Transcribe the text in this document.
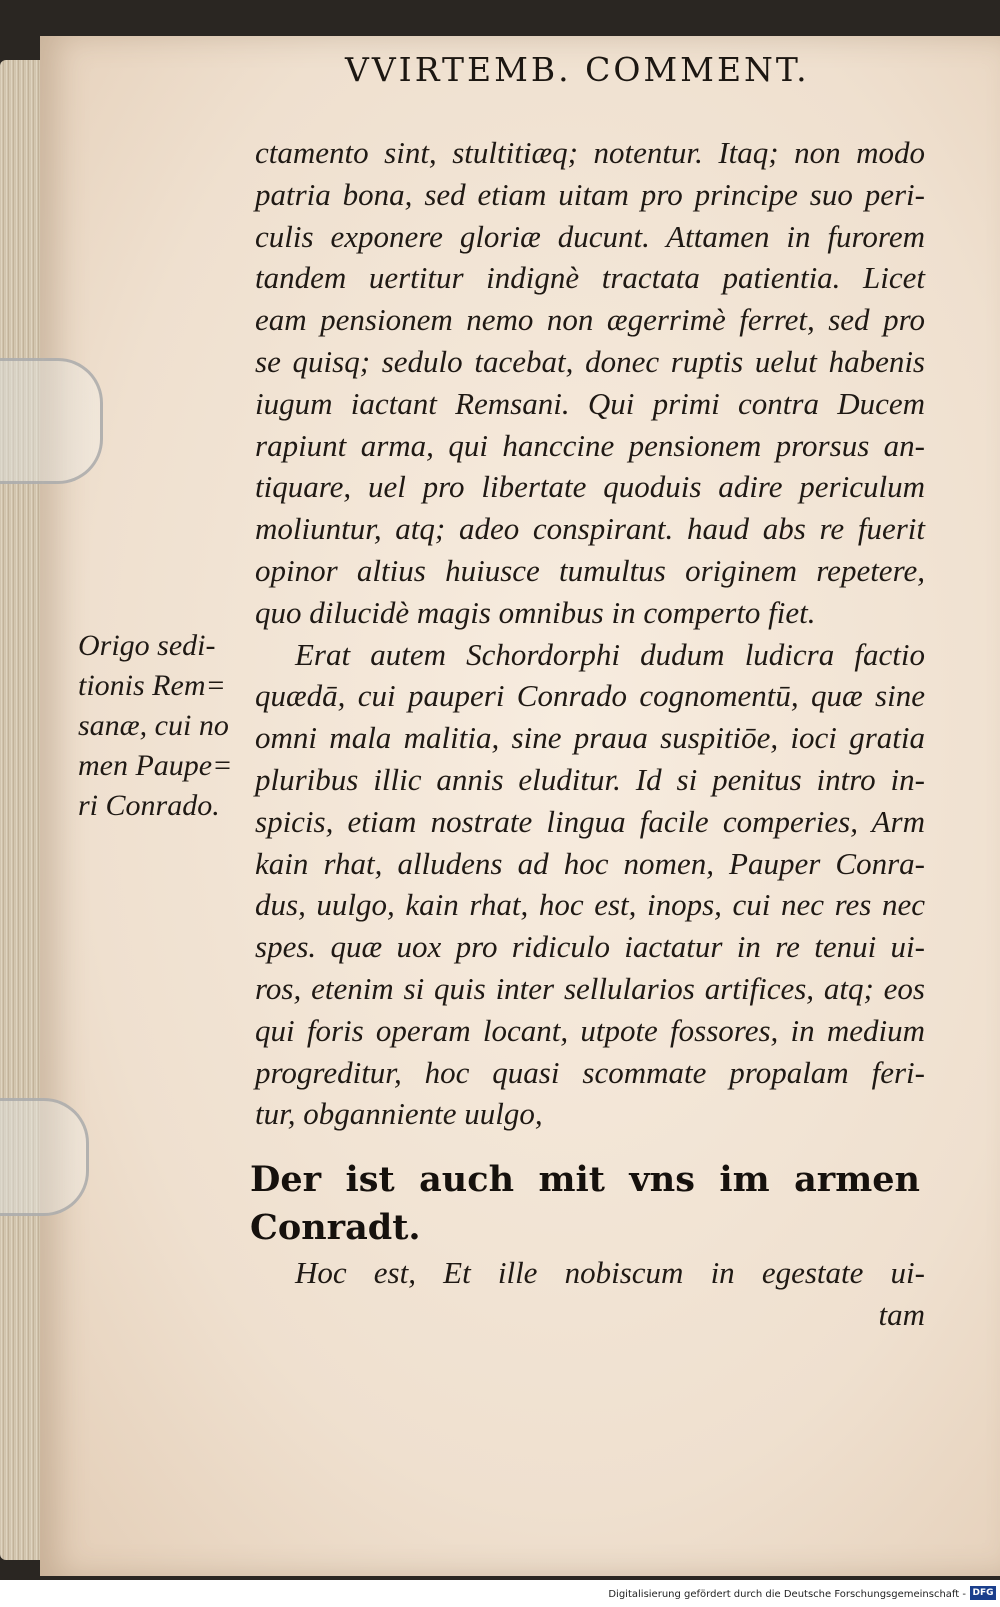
VVIRTEMB. COMMENT.
ctamento sint, stultitiæq; notentur. Itaq; non modo
patria bona, sed etiam uitam pro principe suo peri-
culis exponere gloriæ ducunt. Attamen in furorem
tandem uertitur indignè tractata patientia. Licet
eam pensionem nemo non ægerrimè ferret, sed pro
se quisq; sedulo tacebat, donec ruptis uelut habenis
iugum iactant Remsani. Qui primi contra Ducem
rapiunt arma, qui hanccine pensionem prorsus an-
tiquare, uel pro libertate quoduis adire periculum
moliuntur, atq; adeo conspirant. haud abs re fuerit
opinor altius huiusce tumultus originem repetere,
quo dilucidè magis omnibus in comperto fiet.
Erat autem Schordorphi dudum ludicra factio
quædā, cui pauperi Conrado cognomentū, quæ sine
omni mala malitia, sine praua suspitiōe, ioci gratia
pluribus illic annis eluditur. Id si penitus intro in-
spicis, etiam nostrate lingua facile comperies, Arm
kain rhat, alludens ad hoc nomen, Pauper Conra-
dus, uulgo, kain rhat, hoc est, inops, cui nec res nec
spes. quæ uox pro ridiculo iactatur in re tenui ui-
ros, etenim si quis inter sellularios artifices, atq; eos
qui foris operam locant, utpote fossores, in medium
progreditur, hoc quasi scommate propalam feri-
tur, obganniente uulgo,
Der ist auch mit vns im armen
Conradt.
Hoc est, Et ille nobiscum in egestate ui-
tam
Origo sedi-
tionis Rem=
sanæ, cui no
men Paupe=
ri Conrado.
Digitalisierung gefördert durch die Deutsche Forschungsgemeinschaft - DFG
